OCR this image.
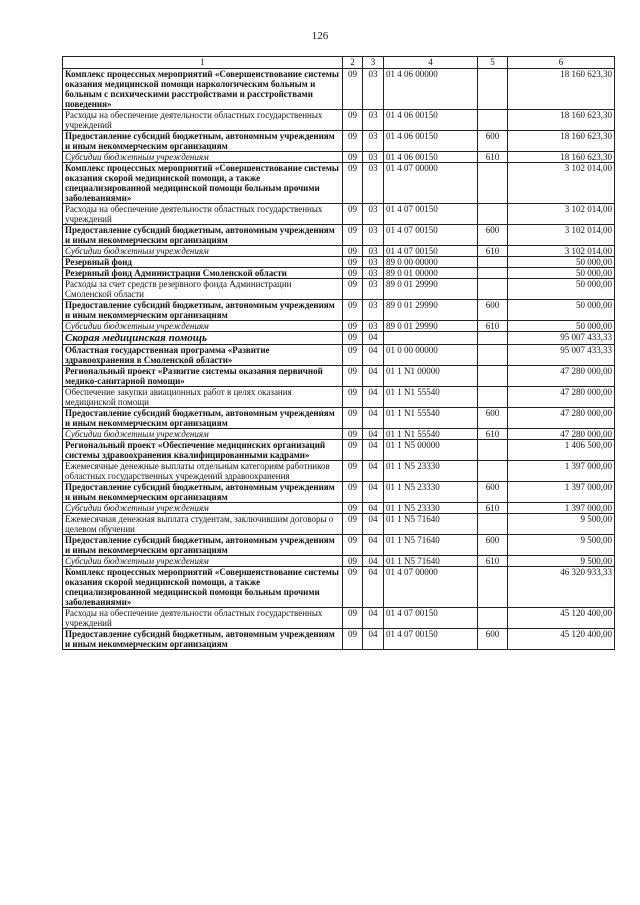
126
1	2	3	4	5	6
Комплекс процессных мероприятий «Совершенствование системы оказания медицинской помощи наркологическим больным и больным с психическими расстройствами и расстройствами поведения»	09	03	01 4 06 00000		18 160 623,30
Расходы на обеспечение деятельности областных государственных учреждений	09	03	01 4 06 00150		18 160 623,30
Предоставление субсидий бюджетным, автономным учреждениям и иным некоммерческим организациям	09	03	01 4 06 00150	600	18 160 623,30
Субсидии бюджетным учреждениям	09	03	01 4 06 00150	610	18 160 623,30
Комплекс процессных мероприятий «Совершенствование системы оказания скорой медицинской помощи, а также специализированной медицинской помощи больным прочими заболеваниями»	09	03	01 4 07 00000		3 102 014,00
Расходы на обеспечение деятельности областных государственных учреждений	09	03	01 4 07 00150		3 102 014,00
Предоставление субсидий бюджетным, автономным учреждениям и иным некоммерческим организациям	09	03	01 4 07 00150	600	3 102 014,00
Субсидии бюджетным учреждениям	09	03	01 4 07 00150	610	3 102 014,00
Резервный фонд	09	03	89 0 00 00000		50 000,00
Резервный фонд Администрации Смоленской области	09	03	89 0 01 00000		50 000,00
Расходы за счет средств резервного фонда Администрации Смоленской области	09	03	89 0 01 29990		50 000,00
Предоставление субсидий бюджетным, автономным учреждениям и иным некоммерческим организациям	09	03	89 0 01 29990	600	50 000,00
Субсидии бюджетным учреждениям	09	03	89 0 01 29990	610	50 000,00
Скорая медицинская помощь	09	04			95 007 433,33
Областная государственная программа «Развитие здравоохранения в Смоленской области»	09	04	01 0 00 00000		95 007 433,33
Региональный проект «Развитие системы оказания первичной медико-санитарной помощи»	09	04	01 1 N1 00000		47 280 000,00
Обеспечение закупки авиационных работ в целях оказания медицинской помощи	09	04	01 1 N1 55540		47 280 000,00
Предоставление субсидий бюджетным, автономным учреждениям и иным некоммерческим организациям	09	04	01 1 N1 55540	600	47 280 000,00
Субсидии бюджетным учреждениям	09	04	01 1 N1 55540	610	47 280 000,00
Региональный проект «Обеспечение медицинских организаций системы здравоохранения квалифицированными кадрами»	09	04	01 1 N5 00000		1 406 500,00
Ежемесячные денежные выплаты отдельным категориям работников областных государственных учреждений здравоохранения	09	04	01 1 N5 23330		1 397 000,00
Предоставление субсидий бюджетным, автономным учреждениям и иным некоммерческим организациям	09	04	01 1 N5 23330	600	1 397 000,00
Субсидии бюджетным учреждениям	09	04	01 1 N5 23330	610	1 397 000,00
Ежемесячная денежная выплата студентам, заключившим договоры о целевом обучении	09	04	01 1 N5 71640		9 500,00
Предоставление субсидий бюджетным, автономным учреждениям и иным некоммерческим организациям	09	04	01 1 N5 71640	600	9 500,00
Субсидии бюджетным учреждениям	09	04	01 1 N5 71640	610	9 500,00
Комплекс процессных мероприятий «Совершенствование системы оказания скорой медицинской помощи, а также специализированной медицинской помощи больным прочими заболеваниями»	09	04	01 4 07 00000		46 320 933,33
Расходы на обеспечение деятельности областных государственных учреждений	09	04	01 4 07 00150		45 120 400,00
Предоставление субсидий бюджетным, автономным учреждениям и иным некоммерческим организациям	09	04	01 4 07 00150	600	45 120 400,00
